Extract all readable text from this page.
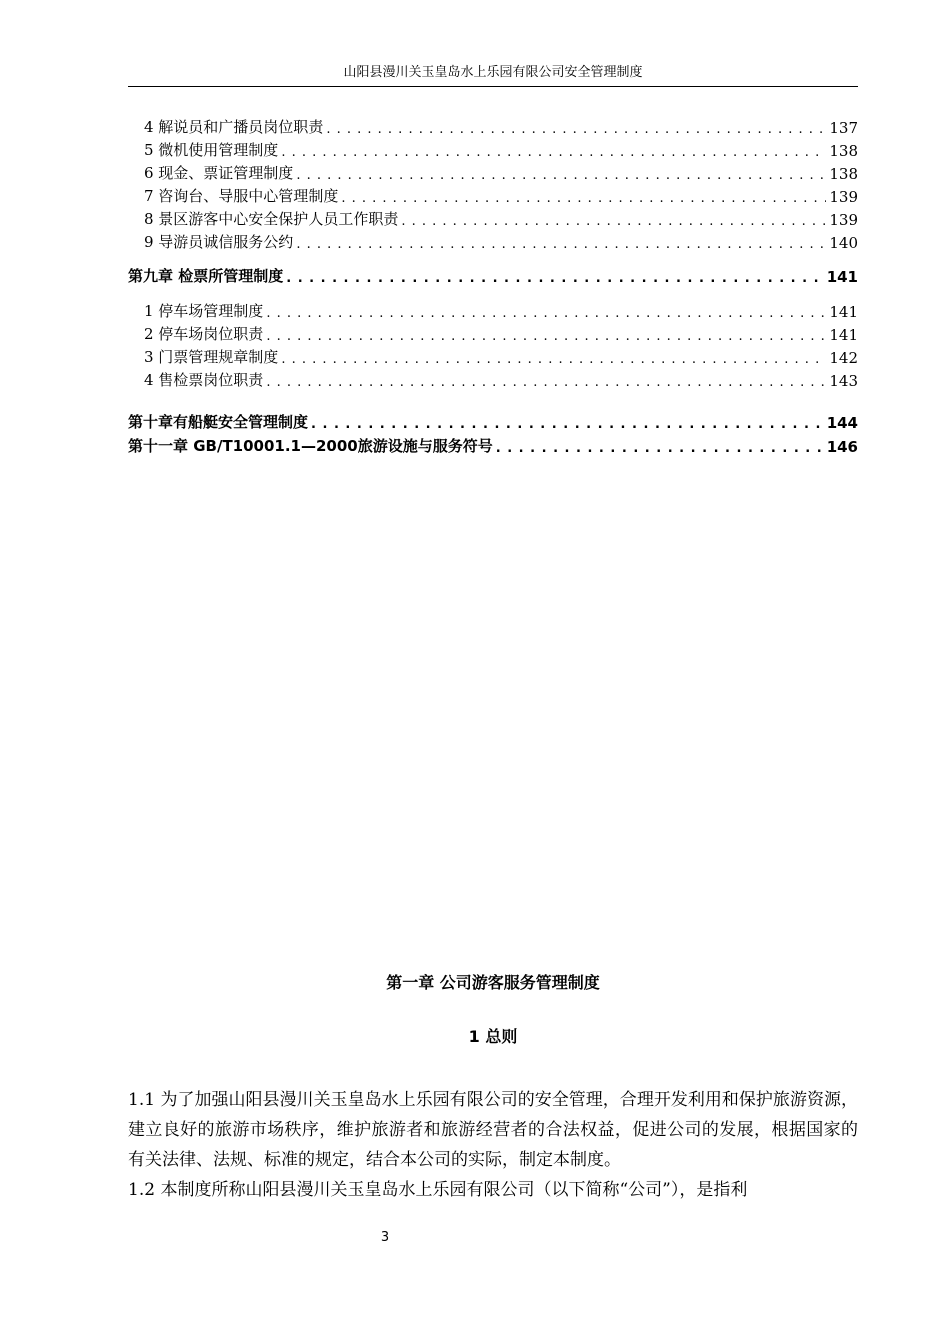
山阳县漫川关玉皇岛水上乐园有限公司安全管理制度
4 解说员和广播员岗位职责 . . .	137
5 微机使用管理制度 . . .	138
6 现金、票证管理制度 . . .	138
7 咨询台、导服中心管理制度 . . .	139
8 景区游客中心安全保护人员工作职责 . . .	139
9 导游员诚信服务公约 . . .	140
第九章 检票所管理制度 . . .	141
1 停车场管理制度 . . .	141
2 停车场岗位职责 . . .	141
3 门票管理规章制度 . . .	142
4 售检票岗位职责 . . .	143
第十章有船艇安全管理制度 . . .	144
第十一章 GB/T10001.1—2000旅游设施与服务符号 . . .	146
第一章 公司游客服务管理制度
1 总则

1.1 为了加强山阳县漫川关玉皇岛水上乐园有限公司的安全管理，合理开发利用和保护旅游资源，建立良好的旅游市场秩序，维护旅游者和旅游经营者的合法权益，促进公司的发展，根据国家的有关法律、法规、标准的规定，结合本公司的实际，制定本制度。

1.2 本制度所称山阳县漫川关玉皇岛水上乐园有限公司（以下简称“公司”），是指利

3
